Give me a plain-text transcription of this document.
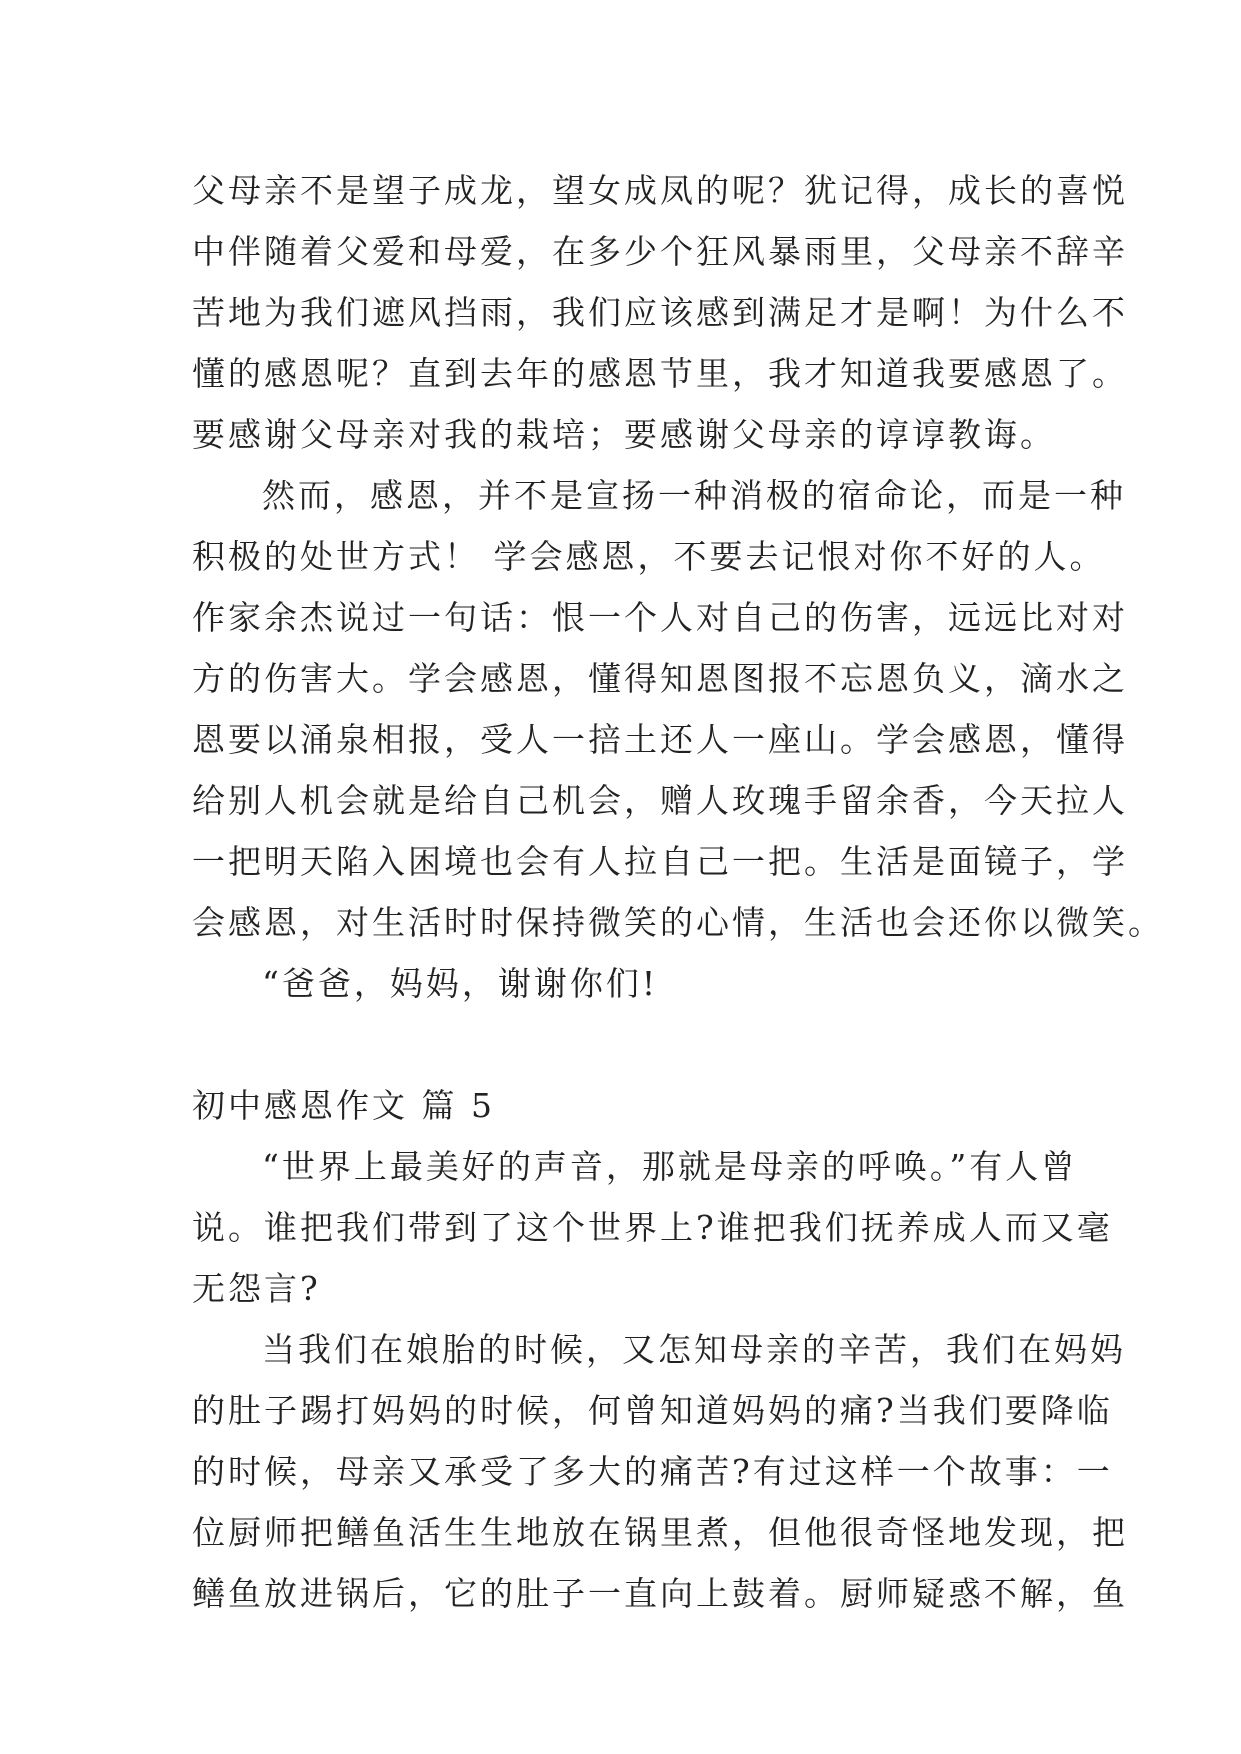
父母亲不是望子成龙，望女成凤的呢？犹记得，成长的喜悦
中伴随着父爱和母爱，在多少个狂风暴雨里，父母亲不辞辛
苦地为我们遮风挡雨，我们应该感到满足才是啊！为什么不
懂的感恩呢？直到去年的感恩节里，我才知道我要感恩了。
要感谢父母亲对我的栽培；要感谢父母亲的谆谆教诲。
然而，感恩，并不是宣扬一种消极的宿命论，而是一种
积极的处世方式！ 学会感恩，不要去记恨对你不好的人。
作家余杰说过一句话：恨一个人对自己的伤害，远远比对对
方的伤害大。学会感恩，懂得知恩图报不忘恩负义，滴水之
恩要以涌泉相报，受人一掊土还人一座山。学会感恩，懂得
给别人机会就是给自己机会，赠人玫瑰手留余香，今天拉人
一把明天陷入困境也会有人拉自己一把。生活是面镜子，学
会感恩，对生活时时保持微笑的心情，生活也会还你以微笑。
“爸爸，妈妈，谢谢你们!
初中感恩作文 篇 5
“世界上最美好的声音，那就是母亲的呼唤。”有人曾
说。谁把我们带到了这个世界上?谁把我们抚养成人而又毫
无怨言?
当我们在娘胎的时候，又怎知母亲的辛苦，我们在妈妈
的肚子踢打妈妈的时候，何曾知道妈妈的痛?当我们要降临
的时候，母亲又承受了多大的痛苦?有过这样一个故事：一
位厨师把鳝鱼活生生地放在锅里煮，但他很奇怪地发现，把
鳝鱼放进锅后，它的肚子一直向上鼓着。厨师疑惑不解，鱼
